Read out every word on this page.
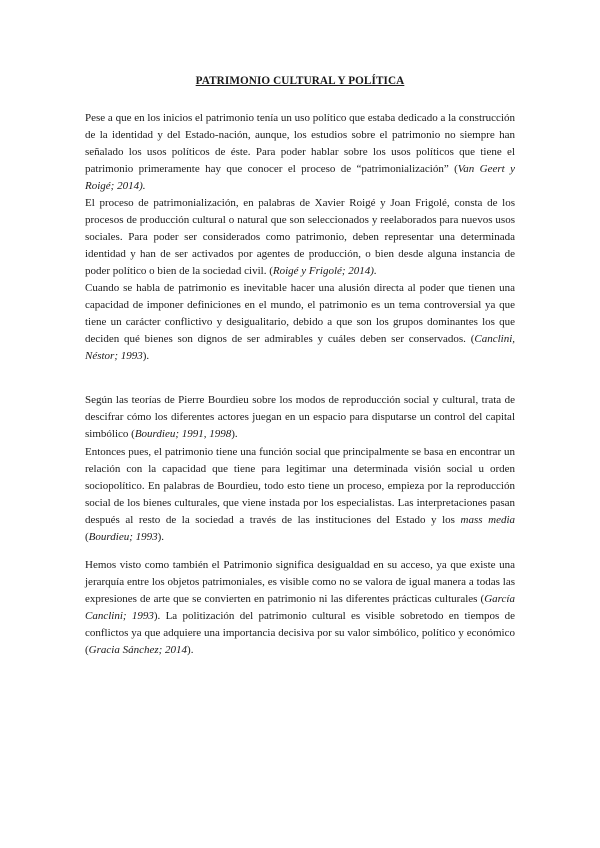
PATRIMONIO CULTURAL Y POLÍTICA

Pese a que en los inicios el patrimonio tenía un uso político que estaba dedicado a la construcción de la identidad y del Estado-nación, aunque, los estudios sobre el patrimonio no siempre han señalado los usos políticos de éste. Para poder hablar sobre los usos políticos que tiene el patrimonio primeramente hay que conocer el proceso de “patrimonialización” (Van Geert y Roigé; 2014).

El proceso de patrimonialización, en palabras de Xavier Roigé y Joan Frigolé, consta de los procesos de producción cultural o natural que son seleccionados y reelaborados para nuevos usos sociales. Para poder ser considerados como patrimonio, deben representar una determinada identidad y han de ser activados por agentes de producción, o bien desde alguna instancia de poder político o bien de la sociedad civil. (Roigé y Frigolé; 2014).

Cuando se habla de patrimonio es inevitable hacer una alusión directa al poder que tienen una capacidad de imponer definiciones en el mundo, el patrimonio es un tema controversial ya que tiene un carácter conflictivo y desigualitario, debido a que son los grupos dominantes los que deciden qué bienes son dignos de ser admirables y cuáles deben ser conservados. (Canclini, Néstor; 1993).

Según las teorías de Pierre Bourdieu sobre los modos de reproducción social y cultural, trata de descifrar cómo los diferentes actores juegan en un espacio para disputarse un control del capital simbólico (Bourdieu; 1991, 1998).

Entonces pues, el patrimonio tiene una función social que principalmente se basa en encontrar un relación con la capacidad que tiene para legitimar una determinada visión social u orden sociopolítico. En palabras de Bourdieu, todo esto tiene un proceso, empieza por la reproducción social de los bienes culturales, que viene instada por los especialistas. Las interpretaciones pasan después al resto de la sociedad a través de las instituciones del Estado y los mass media (Bourdieu; 1993).

Hemos visto como también el Patrimonio significa desigualdad en su acceso, ya que existe una jerarquía entre los objetos patrimoniales, es visible como no se valora de igual manera a todas las expresiones de arte que se convierten en patrimonio ni las diferentes prácticas culturales (García Canclini; 1993). La politización del patrimonio cultural es visible sobretodo en tiempos de conflictos ya que adquiere una importancia decisiva por su valor simbólico, político y económico (Gracia Sánchez; 2014).
